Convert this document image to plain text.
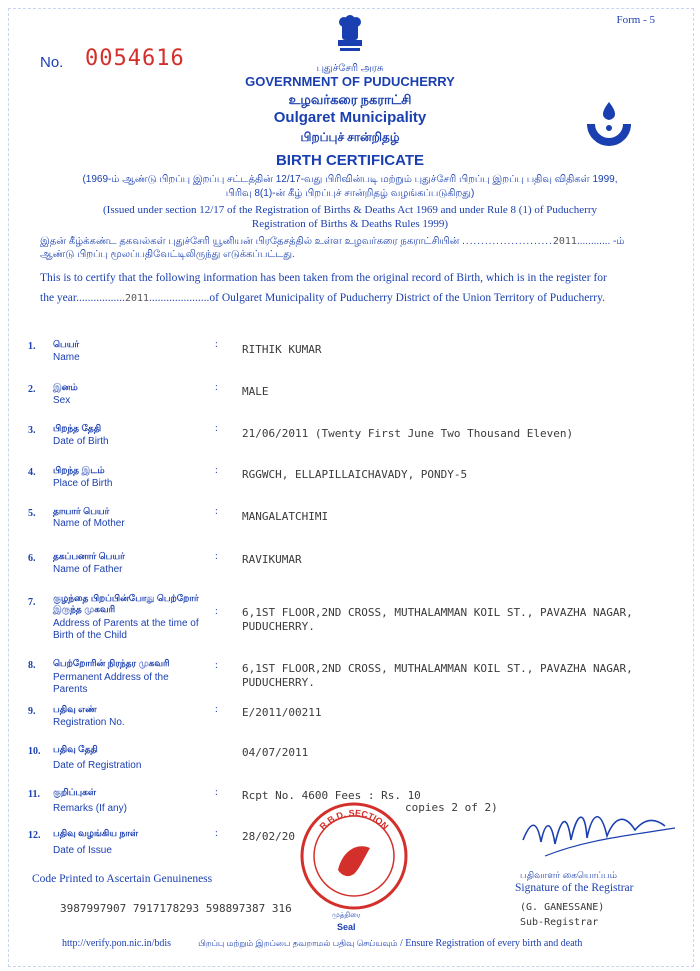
Form - 5
No. 0054616	புதுச்சேரி அரசு
GOVERNMENT OF PUDUCHERRY
உழவர்கரை நகராட்சி
Oulgaret Municipality
பிறப்புச் சான்றிதழ்
BIRTH CERTIFICATE
(1969-ம் ஆண்டு பிறப்பு இறப்பு சட்டத்தின் 12/17-வது பிரிவின்படி மற்றும் புதுச்சேரி பிறப்பு இறப்பு பதிவு விதிகள் 1999,
பிரிவு 8(1)-ன் கீழ் பிறப்புச் சான்றிதழ் வழங்கப்படுகிறது)
(Issued under section 12/17 of the Registration of Births & Deaths Act 1969 and under Rule 8 (1) of Puducherry
Registration of Births & Deaths Rules 1999)
இதன் கீழ்க்கண்ட தகவல்கள் புதுச்சேரி யூனியன் பிரதேசத்தில் உள்ள உழவர்கரை நகராட்சியின் ........................2011............ -ம்
ஆண்டு பிறப்பு மூலப்பதிவேட்டிலிருந்து எடுக்கப்பட்டது.
This is to certify that the following information has been taken from the original record of Birth, which is in the register for
the year.................2011.....................of Oulgaret Municipality of Puducherry District of the Union Territory of Puducherry.
1. பெயர்
Name
: RITHIK KUMAR
2. இனம்
Sex
: MALE
3. பிறந்த தேதி
Date of Birth
: 21/06/2011 (Twenty First June Two Thousand Eleven)
4. பிறந்த இடம்
Place of Birth
: RGGWCH, ELLAPILLAICHAVADY, PONDY-5
5. தாயார் பெயர்
Name of Mother
: MANGALATCHIMI
6. தகப்பனார் பெயர்
Name of Father
: RAVIKUMAR
7. குழந்தை பிறப்பின்போது பெற்றோர் இருந்த முகவரி
Address of Parents at the time of Birth of the Child
: 6,1ST FLOOR,2ND CROSS, MUTHALAMMAN KOIL ST., PAVAZHA NAGAR, PUDUCHERRY.
8. பெற்றோரின் நிரந்தர முகவரி
Permanent Address of the Parents
: 6,1ST FLOOR,2ND CROSS, MUTHALAMMAN KOIL ST., PAVAZHA NAGAR, PUDUCHERRY.
9. பதிவு எண்
Registration No.
: E/2011/00211
10. பதிவு தேதி
Date of Registration
04/07/2011
11. குறிப்புகள்
Remarks (If any)
: Rcpt No. 4600 Fees : Rs. 10
copies 2 of 2)
12. பதிவு வழங்கிய நாள்
Date of Issue
: 28/02/20
R.B.D. SECTION
Code Printed to Ascertain Genuineness
3987997907 7917178293 598897387 316
முத்திரை
Seal
பதிவாளர் கையொப்பம்
Signature of the Registrar
(G. GANESSANE)
Sub-Registrar
http://verify.pon.nic.in/bdis	பிறப்பு மற்றும் இறப்பை தவறாமல் பதிவு செய்யவும் / Ensure Registration of every birth and death
